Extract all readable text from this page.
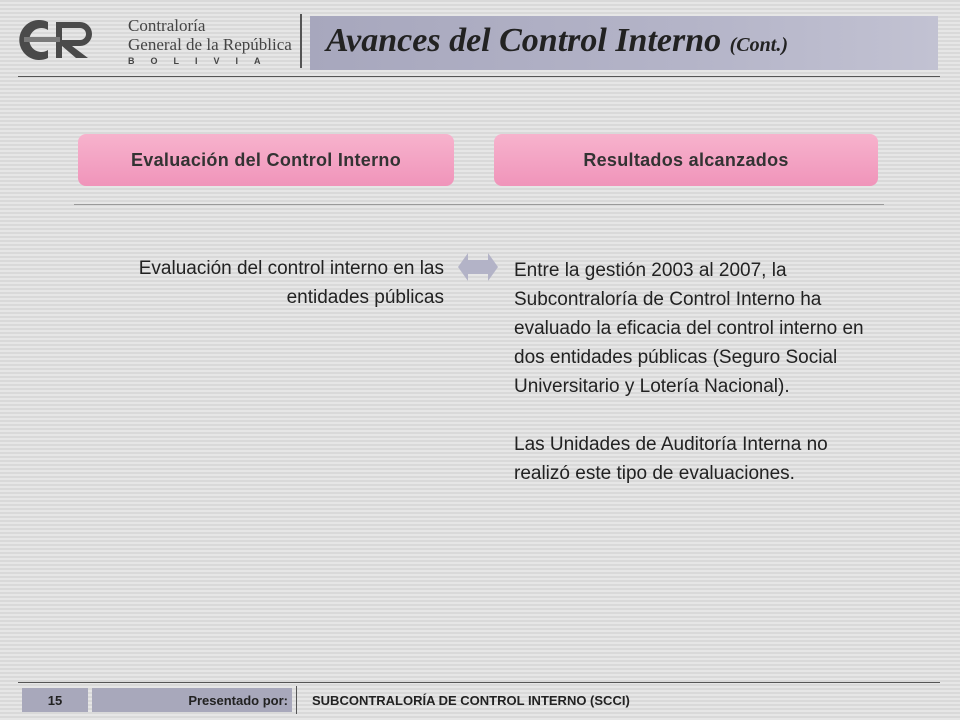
Contraloría
General de la República
BOLIVIA
Avances del Control Interno (Cont.)
Evaluación del Control Interno	Resultados alcanzados
Evaluación del control interno en las entidades públicas

Entre la gestión 2003 al 2007, la Subcontraloría de Control Interno ha evaluado la eficacia del control interno en dos entidades públicas (Seguro Social Universitario y Lotería Nacional).

Las Unidades de Auditoría Interna no realizó este tipo de evaluaciones.

15	Presentado por:	SUBCONTRALORÍA DE CONTROL INTERNO (SCCI)
